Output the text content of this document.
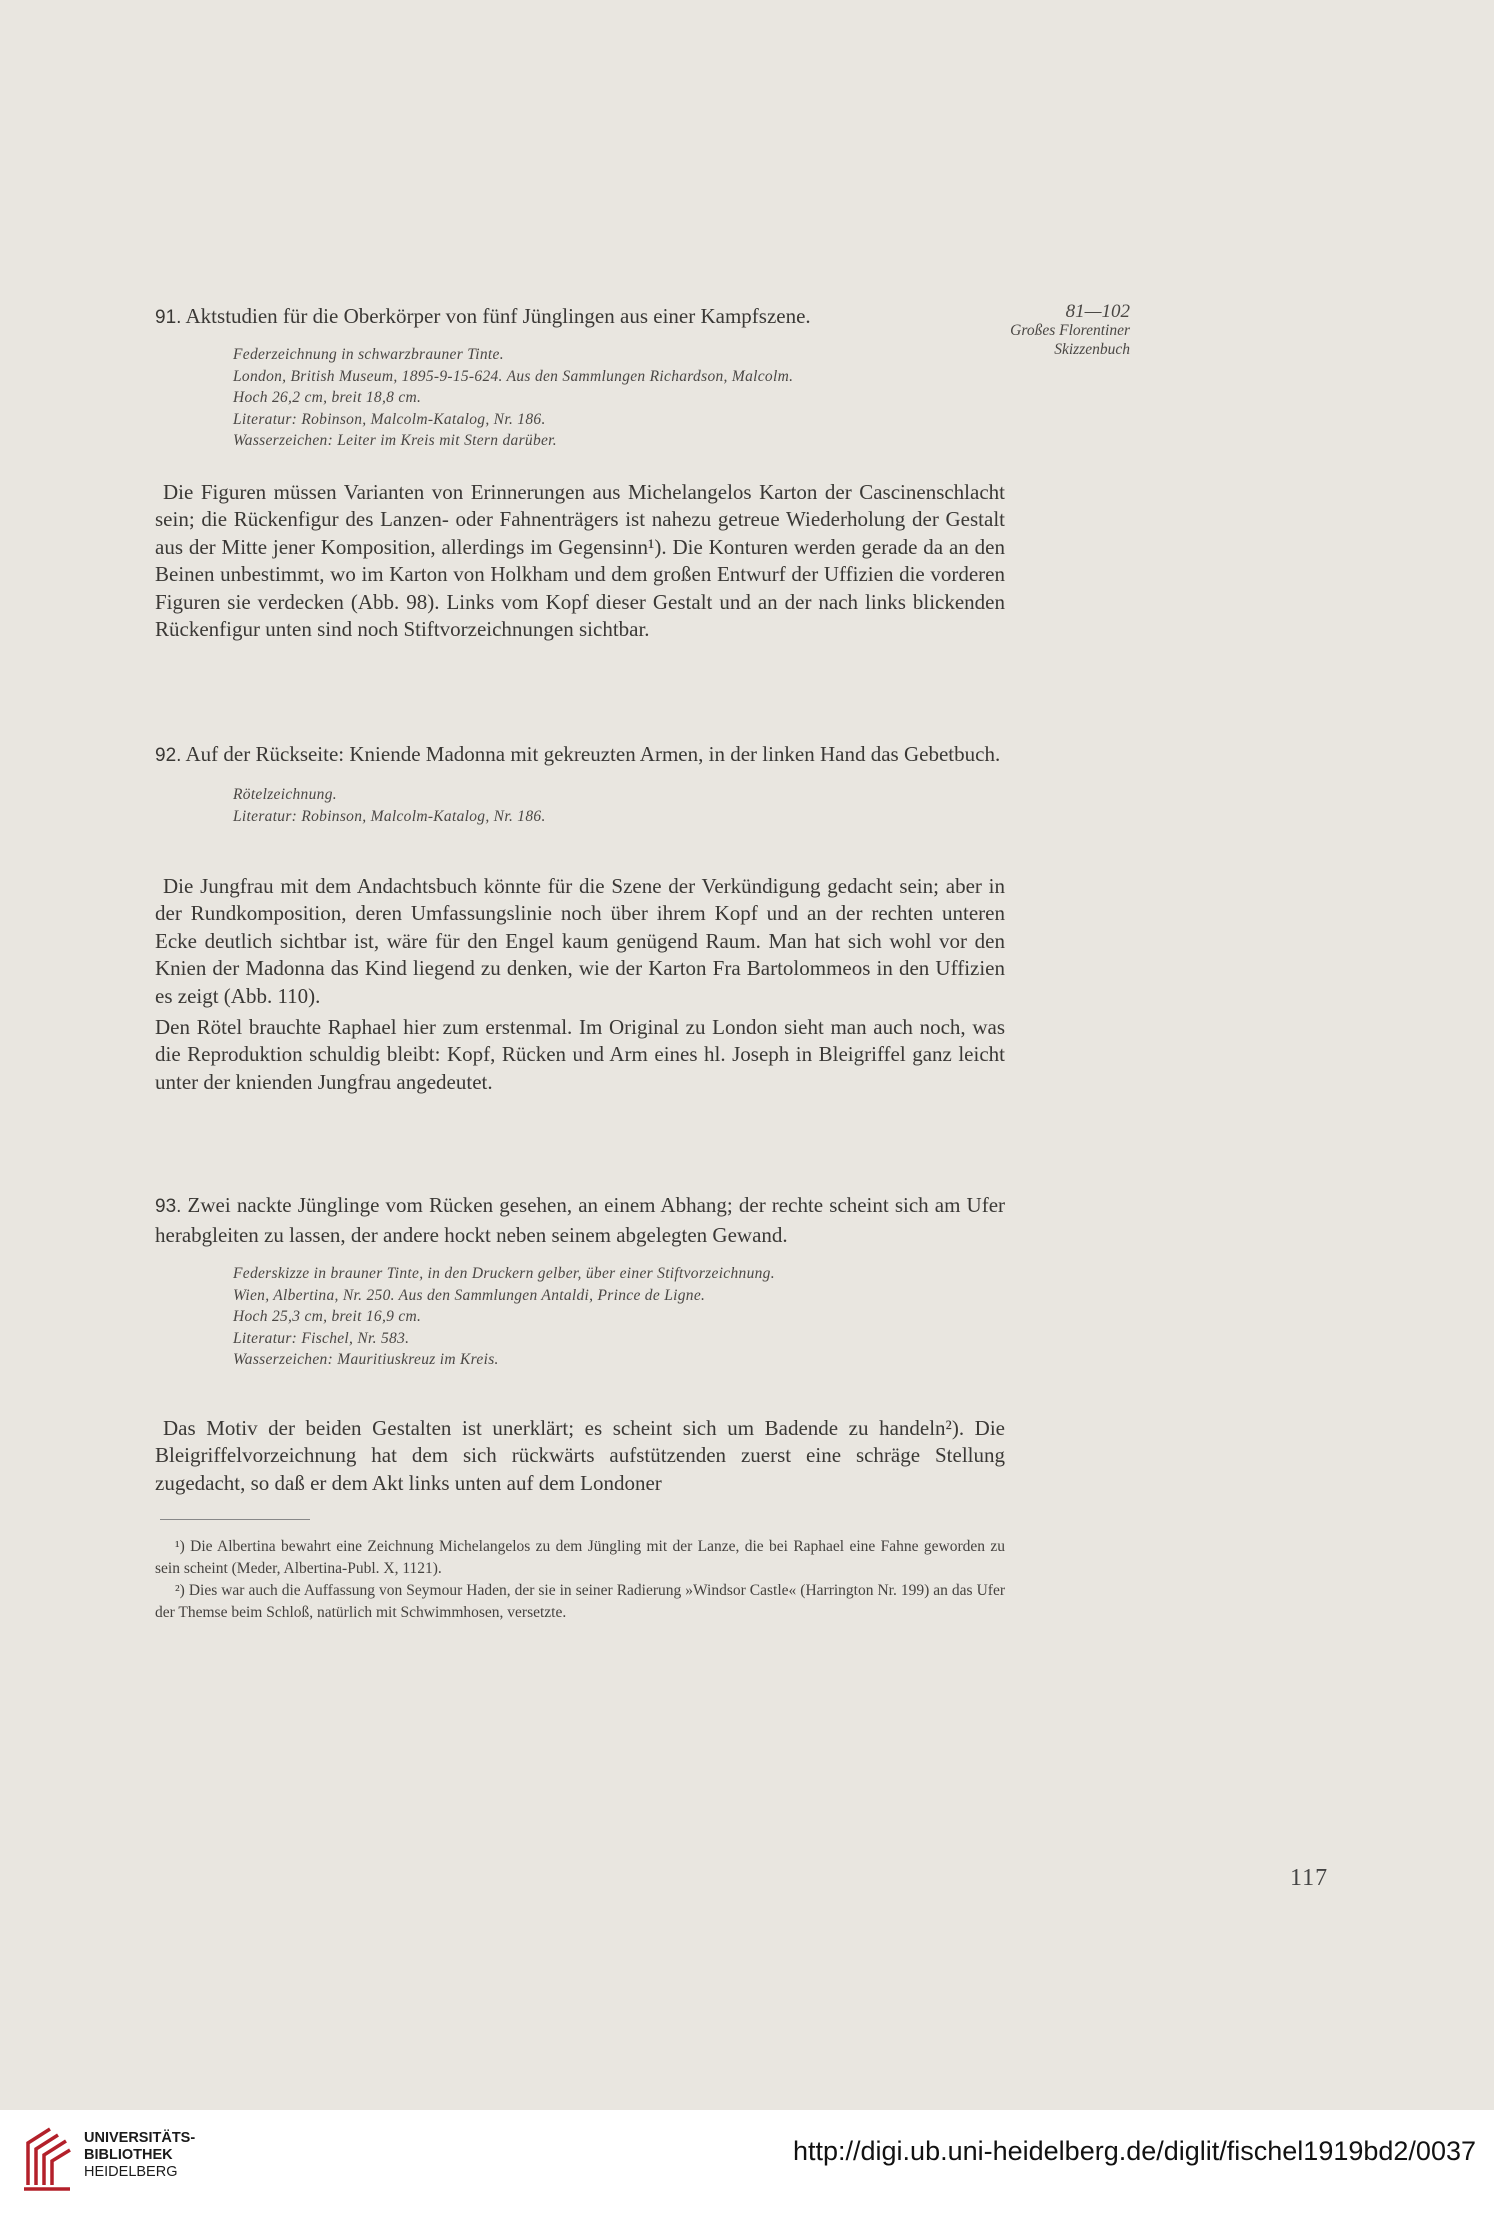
81—102
Großes Florentiner
Skizzenbuch

91. Aktstudien für die Oberkörper von fünf Jünglingen aus einer Kampfszene.

Federzeichnung in schwarzbrauner Tinte.
London, British Museum, 1895-9-15-624. Aus den Sammlungen Richardson, Malcolm.
Hoch 26,2 cm, breit 18,8 cm.
Literatur: Robinson, Malcolm-Katalog, Nr. 186.
Wasserzeichen: Leiter im Kreis mit Stern darüber.

Die Figuren müssen Varianten von Erinnerungen aus Michelangelos Karton der Cascinenschlacht sein; die Rückenfigur des Lanzen- oder Fahnenträgers ist nahezu getreue Wiederholung der Gestalt aus der Mitte jener Komposition, allerdings im Gegensinn¹). Die Konturen werden gerade da an den Beinen unbestimmt, wo im Karton von Holkham und dem großen Entwurf der Uffizien die vorderen Figuren sie verdecken (Abb. 98). Links vom Kopf dieser Gestalt und an der nach links blickenden Rückenfigur unten sind noch Stiftvorzeichnungen sichtbar.

92. Auf der Rückseite: Kniende Madonna mit gekreuzten Armen, in der linken Hand das Gebetbuch.

Rötelzeichnung.
Literatur: Robinson, Malcolm-Katalog, Nr. 186.

Die Jungfrau mit dem Andachtsbuch könnte für die Szene der Verkündigung gedacht sein; aber in der Rundkomposition, deren Umfassungslinie noch über ihrem Kopf und an der rechten unteren Ecke deutlich sichtbar ist, wäre für den Engel kaum genügend Raum. Man hat sich wohl vor den Knien der Madonna das Kind liegend zu denken, wie der Karton Fra Bartolommeos in den Uffizien es zeigt (Abb. 110).

Den Rötel brauchte Raphael hier zum erstenmal. Im Original zu London sieht man auch noch, was die Reproduktion schuldig bleibt: Kopf, Rücken und Arm eines hl. Joseph in Bleigriffel ganz leicht unter der knienden Jungfrau angedeutet.

93. Zwei nackte Jünglinge vom Rücken gesehen, an einem Abhang; der rechte scheint sich am Ufer herabgleiten zu lassen, der andere hockt neben seinem abgelegten Gewand.

Federskizze in brauner Tinte, in den Druckern gelber, über einer Stiftvorzeichnung.
Wien, Albertina, Nr. 250. Aus den Sammlungen Antaldi, Prince de Ligne.
Hoch 25,3 cm, breit 16,9 cm.
Literatur: Fischel, Nr. 583.
Wasserzeichen: Mauritiuskreuz im Kreis.

Das Motiv der beiden Gestalten ist unerklärt; es scheint sich um Badende zu handeln²). Die Bleigriffelvorzeichnung hat dem sich rückwärts aufstützenden zuerst eine schräge Stellung zugedacht, so daß er dem Akt links unten auf dem Londoner

¹) Die Albertina bewahrt eine Zeichnung Michelangelos zu dem Jüngling mit der Lanze, die bei Raphael eine Fahne geworden zu sein scheint (Meder, Albertina-Publ. X, 1121).

²) Dies war auch die Auffassung von Seymour Haden, der sie in seiner Radierung »Windsor Castle« (Harrington Nr. 199) an das Ufer der Themse beim Schloß, natürlich mit Schwimmhosen, versetzte.

117
UNIVERSITÄTS-
BIBLIOTHEK
HEIDELBERG
http://digi.ub.uni-heidelberg.de/diglit/fischel1919bd2/0037
